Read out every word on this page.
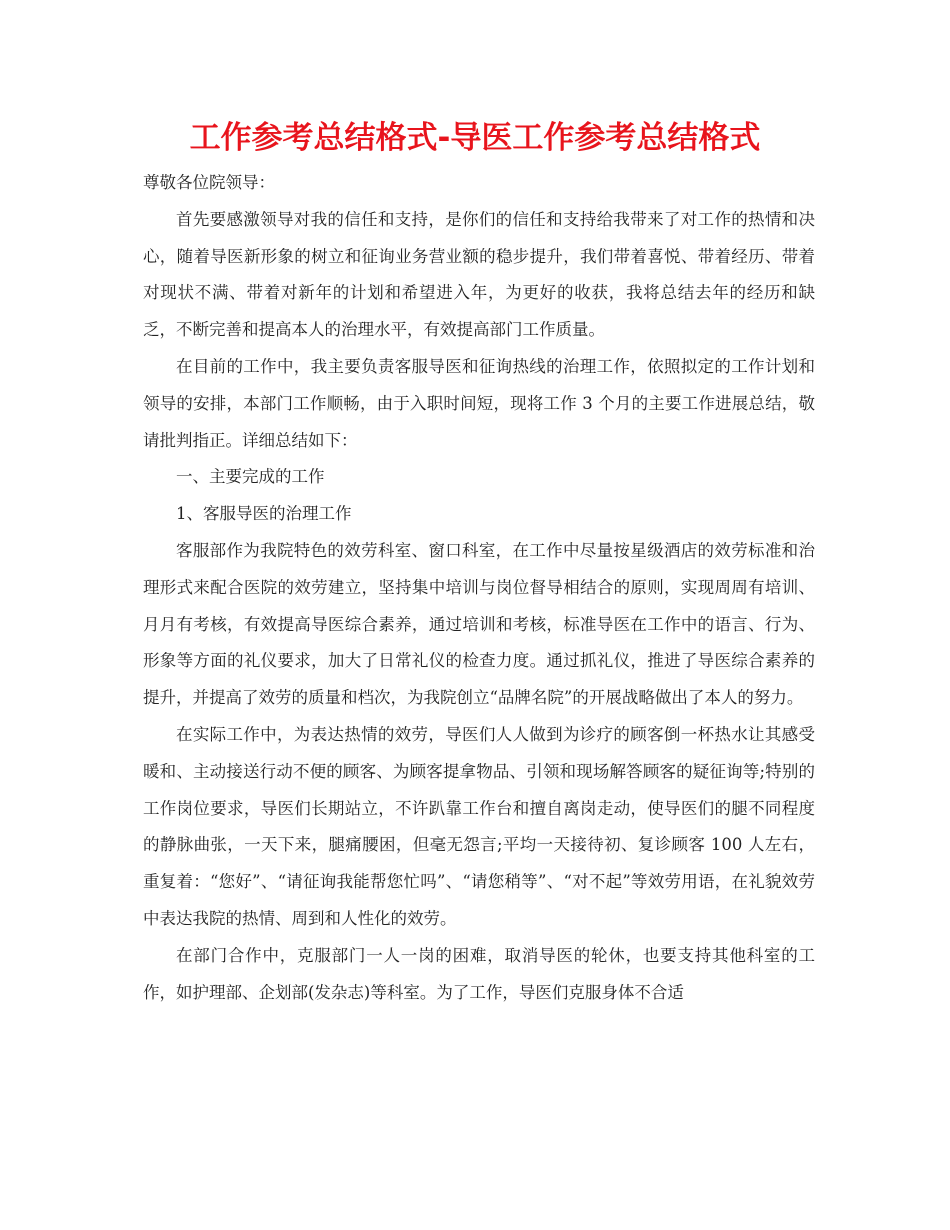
工作参考总结格式-导医工作参考总结格式

尊敬各位院领导：

首先要感激领导对我的信任和支持，是你们的信任和支持给我带来了对工作的热情和决心，随着导医新形象的树立和征询业务营业额的稳步提升，我们带着喜悦、带着经历、带着对现状不满、带着对新年的计划和希望进入年，为更好的收获，我将总结去年的经历和缺乏，不断完善和提高本人的治理水平，有效提高部门工作质量。

在目前的工作中，我主要负责客服导医和征询热线的治理工作，依照拟定的工作计划和领导的安排，本部门工作顺畅，由于入职时间短，现将工作 3 个月的主要工作进展总结，敬请批判指正。详细总结如下：

一、主要完成的工作

1、客服导医的治理工作

客服部作为我院特色的效劳科室、窗口科室，在工作中尽量按星级酒店的效劳标准和治理形式来配合医院的效劳建立，坚持集中培训与岗位督导相结合的原则，实现周周有培训、月月有考核，有效提高导医综合素养，通过培训和考核，标准导医在工作中的语言、行为、形象等方面的礼仪要求，加大了日常礼仪的检查力度。通过抓礼仪，推进了导医综合素养的提升，并提高了效劳的质量和档次，为我院创立“品牌名院”的开展战略做出了本人的努力。

在实际工作中，为表达热情的效劳，导医们人人做到为诊疗的顾客倒一杯热水让其感受暖和、主动接送行动不便的顾客、为顾客提拿物品、引领和现场解答顾客的疑征询等;特别的工作岗位要求，导医们长期站立，不许趴靠工作台和擅自离岗走动，使导医们的腿不同程度的静脉曲张，一天下来，腿痛腰困，但毫无怨言;平均一天接待初、复诊顾客 100 人左右，重复着：“您好”、“请征询我能帮您忙吗”、“请您稍等”、“对不起”等效劳用语，在礼貌效劳中表达我院的热情、周到和人性化的效劳。

在部门合作中，克服部门一人一岗的困难，取消导医的轮休，也要支持其他科室的工作，如护理部、企划部(发杂志)等科室。为了工作，导医们克服身体不合适
